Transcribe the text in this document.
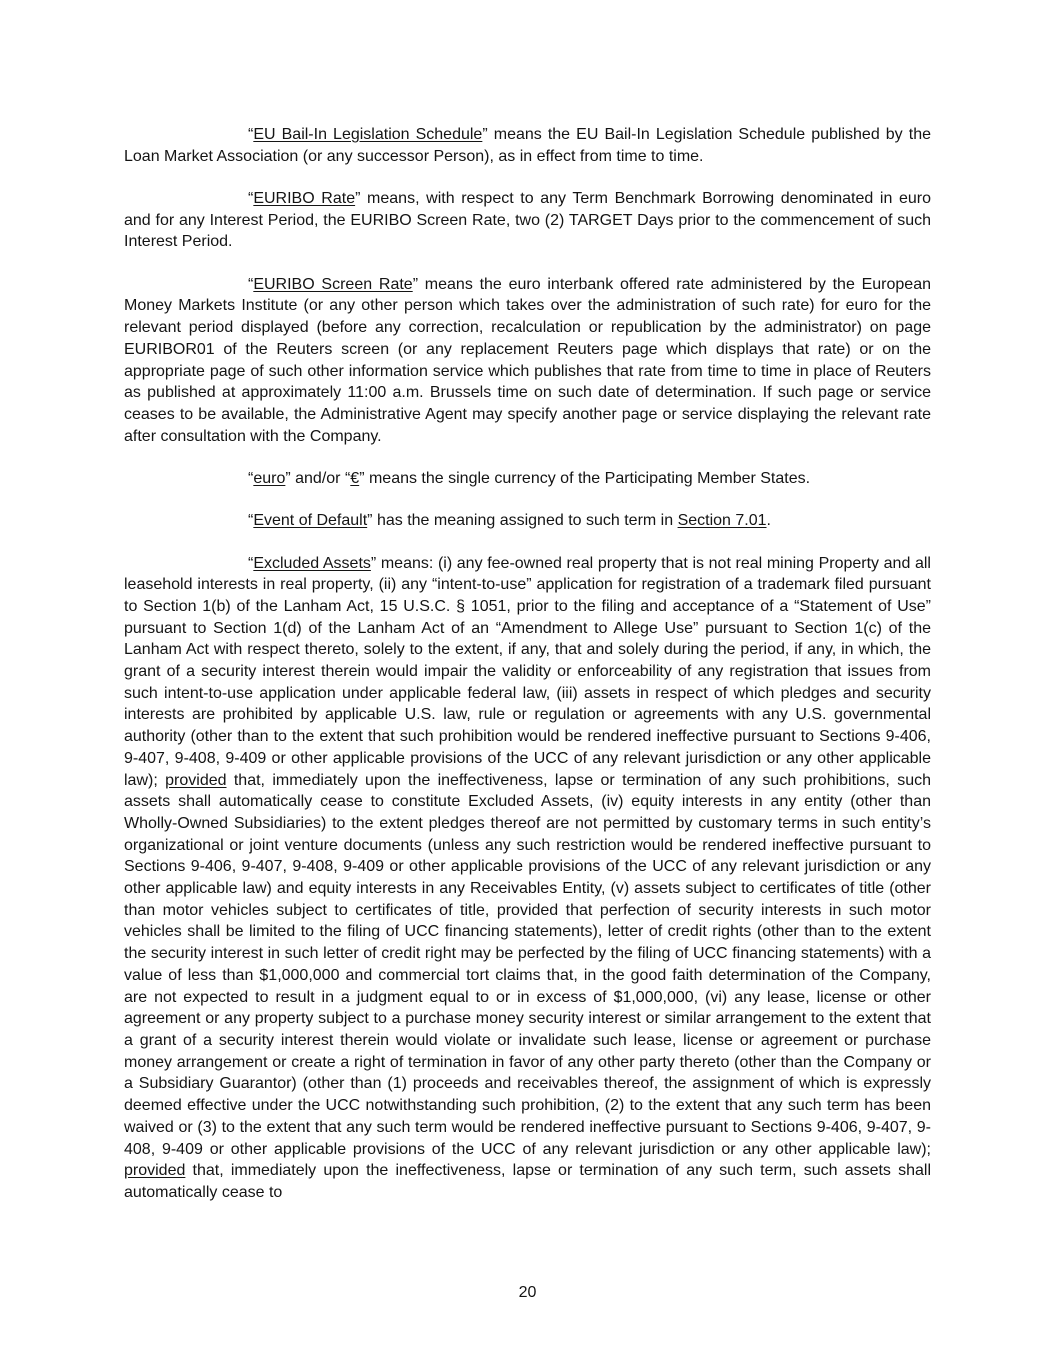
“EU Bail-In Legislation Schedule” means the EU Bail-In Legislation Schedule published by the Loan Market Association (or any successor Person), as in effect from time to time.

“EURIBO Rate” means, with respect to any Term Benchmark Borrowing denominated in euro and for any Interest Period, the EURIBO Screen Rate, two (2) TARGET Days prior to the commencement of such Interest Period.

“EURIBO Screen Rate” means the euro interbank offered rate administered by the European Money Markets Institute (or any other person which takes over the administration of such rate) for euro for the relevant period displayed (before any correction, recalculation or republication by the administrator) on page EURIBOR01 of the Reuters screen (or any replacement Reuters page which displays that rate) or on the appropriate page of such other information service which publishes that rate from time to time in place of Reuters as published at approximately 11:00 a.m. Brussels time on such date of determination. If such page or service ceases to be available, the Administrative Agent may specify another page or service displaying the relevant rate after consultation with the Company.

“euro” and/or “€” means the single currency of the Participating Member States.

“Event of Default” has the meaning assigned to such term in Section 7.01.

“Excluded Assets” means: (i) any fee-owned real property that is not real mining Property and all leasehold interests in real property, (ii) any “intent-to-use” application for registration of a trademark filed pursuant to Section 1(b) of the Lanham Act, 15 U.S.C. § 1051, prior to the filing and acceptance of a “Statement of Use” pursuant to Section 1(d) of the Lanham Act of an “Amendment to Allege Use” pursuant to Section 1(c) of the Lanham Act with respect thereto, solely to the extent, if any, that and solely during the period, if any, in which, the grant of a security interest therein would impair the validity or enforceability of any registration that issues from such intent-to-use application under applicable federal law, (iii) assets in respect of which pledges and security interests are prohibited by applicable U.S. law, rule or regulation or agreements with any U.S. governmental authority (other than to the extent that such prohibition would be rendered ineffective pursuant to Sections 9-406, 9-407, 9-408, 9-409 or other applicable provisions of the UCC of any relevant jurisdiction or any other applicable law); provided that, immediately upon the ineffectiveness, lapse or termination of any such prohibitions, such assets shall automatically cease to constitute Excluded Assets, (iv) equity interests in any entity (other than Wholly-Owned Subsidiaries) to the extent pledges thereof are not permitted by customary terms in such entity’s organizational or joint venture documents (unless any such restriction would be rendered ineffective pursuant to Sections 9-406, 9-407, 9-408, 9-409 or other applicable provisions of the UCC of any relevant jurisdiction or any other applicable law) and equity interests in any Receivables Entity, (v) assets subject to certificates of title (other than motor vehicles subject to certificates of title, provided that perfection of security interests in such motor vehicles shall be limited to the filing of UCC financing statements), letter of credit rights (other than to the extent the security interest in such letter of credit right may be perfected by the filing of UCC financing statements) with a value of less than $1,000,000 and commercial tort claims that, in the good faith determination of the Company, are not expected to result in a judgment equal to or in excess of $1,000,000, (vi) any lease, license or other agreement or any property subject to a purchase money security interest or similar arrangement to the extent that a grant of a security interest therein would violate or invalidate such lease, license or agreement or purchase money arrangement or create a right of termination in favor of any other party thereto (other than the Company or a Subsidiary Guarantor) (other than (1) proceeds and receivables thereof, the assignment of which is expressly deemed effective under the UCC notwithstanding such prohibition, (2) to the extent that any such term has been waived or (3) to the extent that any such term would be rendered ineffective pursuant to Sections 9-406, 9-407, 9-408, 9-409 or other applicable provisions of the UCC of any relevant jurisdiction or any other applicable law); provided that, immediately upon the ineffectiveness, lapse or termination of any such term, such assets shall automatically cease to

20
